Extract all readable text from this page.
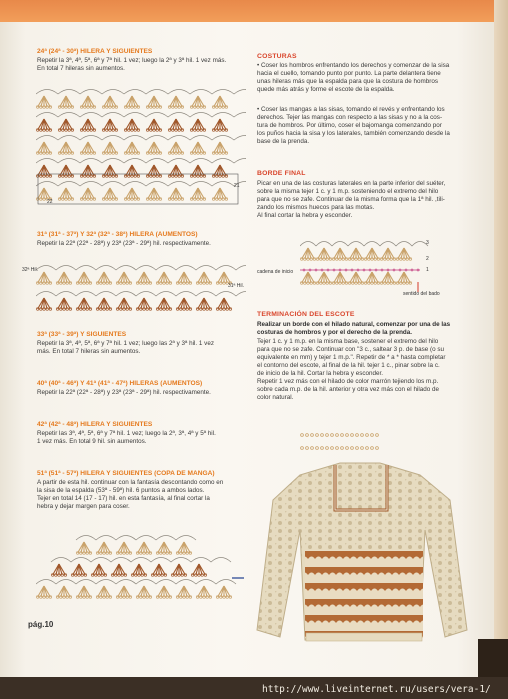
24ª (24ª - 30ª) HILERA Y SIGUIENTES
Repetir la 3ª, 4ª, 5ª, 6ª y 7ª hil. 1 vez; luego la 2ª y 3ª hil. 1 vez más.
En total 7 hileras sin aumentos.
22
21
31ª (31ª - 37ª) Y 32ª (32ª - 38ª) HILERA (AUMENTOS)
Repetir la 22ª (22ª - 28ª) y 23ª (23ª - 29ª) hil. respectivamente.
32ª Hil.
31ª Hil.
33ª (33ª - 39ª) Y SIGUIENTES
Repetir la 3ª, 4ª, 5ª, 6ª y 7ª hil. 1 vez; luego las 2ª y 3ª hil. 1 vez
más. En total 7 hileras sin aumentos.
40ª (40ª - 46ª) Y 41ª (41ª - 47ª) HILERAS (AUMENTOS)
Repetir la 22ª (22ª - 28ª) y 23ª (23ª - 29ª) hil. respectivamente.
42ª (42ª - 48ª) HILERA Y SIGUIENTES
Repetir las 3ª, 4ª, 5ª, 6ª y 7ª hil. 1 vez; luego la 2ª, 3ª, 4ª y 5ª hil.
1 vez más. En total 9 hil. sin aumentos.
51ª (51ª - 57ª) HILERA Y SIGUIENTES (COPA DE MANGA)
A partir de esta hil. continuar con la fantasía descontando como en
la sisa de la espalda (53ª - 59ª) hil. 6 puntos a ambos lados.
Tejer en total 14 (17 - 17) hil. en esta fantasía, al final cortar la
hebra y dejar margen para coser.
pág.10
COSTURAS
• Coser los hombros enfrentando los derechos y comenzar de la sisa
hacia el cuello, tomando punto por punto. La parte delantera tiene
unas hileras más que la espalda para que la costura de hombros
quede más atrás y forme el escote de la espalda.
• Coser las mangas a las sisas, tomando el revés y enfrentando los
derechos. Tejer las mangas con respecto a las sisas y no a la cos-
tura de hombros. Por último, coser el bajomanga comenzando por
los puños hacia la sisa y los laterales, también comenzando desde la
base de la prenda.
BORDE FINAL
Picar en una de las costuras laterales en la parte inferior del suéter,
sobre la misma tejer 1 c. y 1 m.p. sosteniendo el extremo del hilo
para que no se zafe. Continuar de la misma forma que la 1ª hil. ,tili-
zando los mismos huecos para las motas.
Al final cortar la hebra y esconder.
cadena de inicio
sentido del bado
3
2
1
TERMINACIÓN DEL ESCOTE
Realizar un borde con el hilado natural, comenzar por una de las
costuras de hombros y por el derecho de la prenda.
Tejer 1 c. y 1 m.p. en la misma base, sostener el extremo del hilo
para que no se zafe. Continuar con "3 c., saltear 3 p. de base (o su
equivalente en mm) y tejer 1 m.p.". Repetir de * a * hasta completar
el contorno del escote, al final de la hil. tejer 1 c., pinar sobre la c.
de inicio de la hil. Cortar la hebra y esconder.
Repetir 1 vez más con el hilado de color marrón tejiendo los m.p.
sobre cada m.p. de la hil. anterior y otra vez más con el hilado de
color natural.
http://www.liveinternet.ru/users/vera-1/
